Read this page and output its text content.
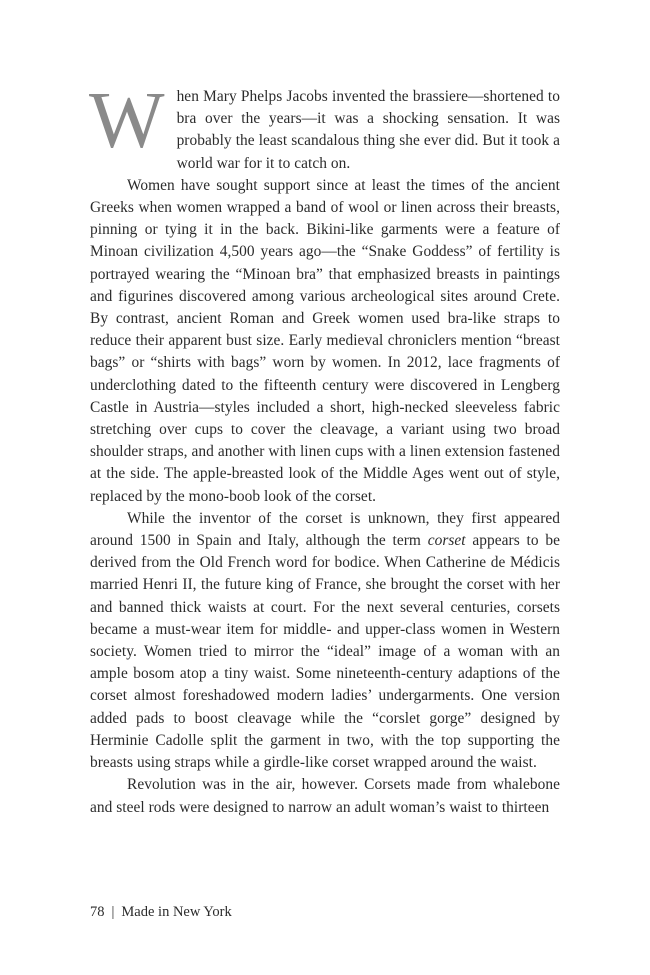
When Mary Phelps Jacobs invented the brassiere—shortened to bra over the years—it was a shocking sensation. It was probably the least scandalous thing she ever did. But it took a world war for it to catch on.

Women have sought support since at least the times of the ancient Greeks when women wrapped a band of wool or linen across their breasts, pinning or tying it in the back. Bikini-like garments were a feature of Minoan civilization 4,500 years ago—the “Snake Goddess” of fertility is portrayed wearing the “Minoan bra” that emphasized breasts in paintings and figurines discovered among various archeological sites around Crete. By contrast, ancient Roman and Greek women used bra-like straps to reduce their apparent bust size. Early medieval chroniclers mention “breast bags” or “shirts with bags” worn by women. In 2012, lace fragments of underclothing dated to the fifteenth century were discovered in Lengberg Castle in Austria—styles included a short, high-necked sleeveless fabric stretching over cups to cover the cleavage, a variant using two broad shoulder straps, and another with linen cups with a linen extension fastened at the side. The apple-breasted look of the Middle Ages went out of style, replaced by the mono-boob look of the corset.

While the inventor of the corset is unknown, they first appeared around 1500 in Spain and Italy, although the term corset appears to be derived from the Old French word for bodice. When Catherine de Médicis married Henri II, the future king of France, she brought the corset with her and banned thick waists at court. For the next several centuries, corsets became a must-wear item for middle- and upper-class women in Western society. Women tried to mirror the “ideal” image of a woman with an ample bosom atop a tiny waist. Some nineteenth-century adaptions of the corset almost foreshadowed modern ladies’ undergarments. One version added pads to boost cleavage while the “corslet gorge” designed by Herminie Cadolle split the garment in two, with the top supporting the breasts using straps while a girdle-like corset wrapped around the waist.

Revolution was in the air, however. Corsets made from whalebone and steel rods were designed to narrow an adult woman’s waist to thirteen

78 | Made in New York
